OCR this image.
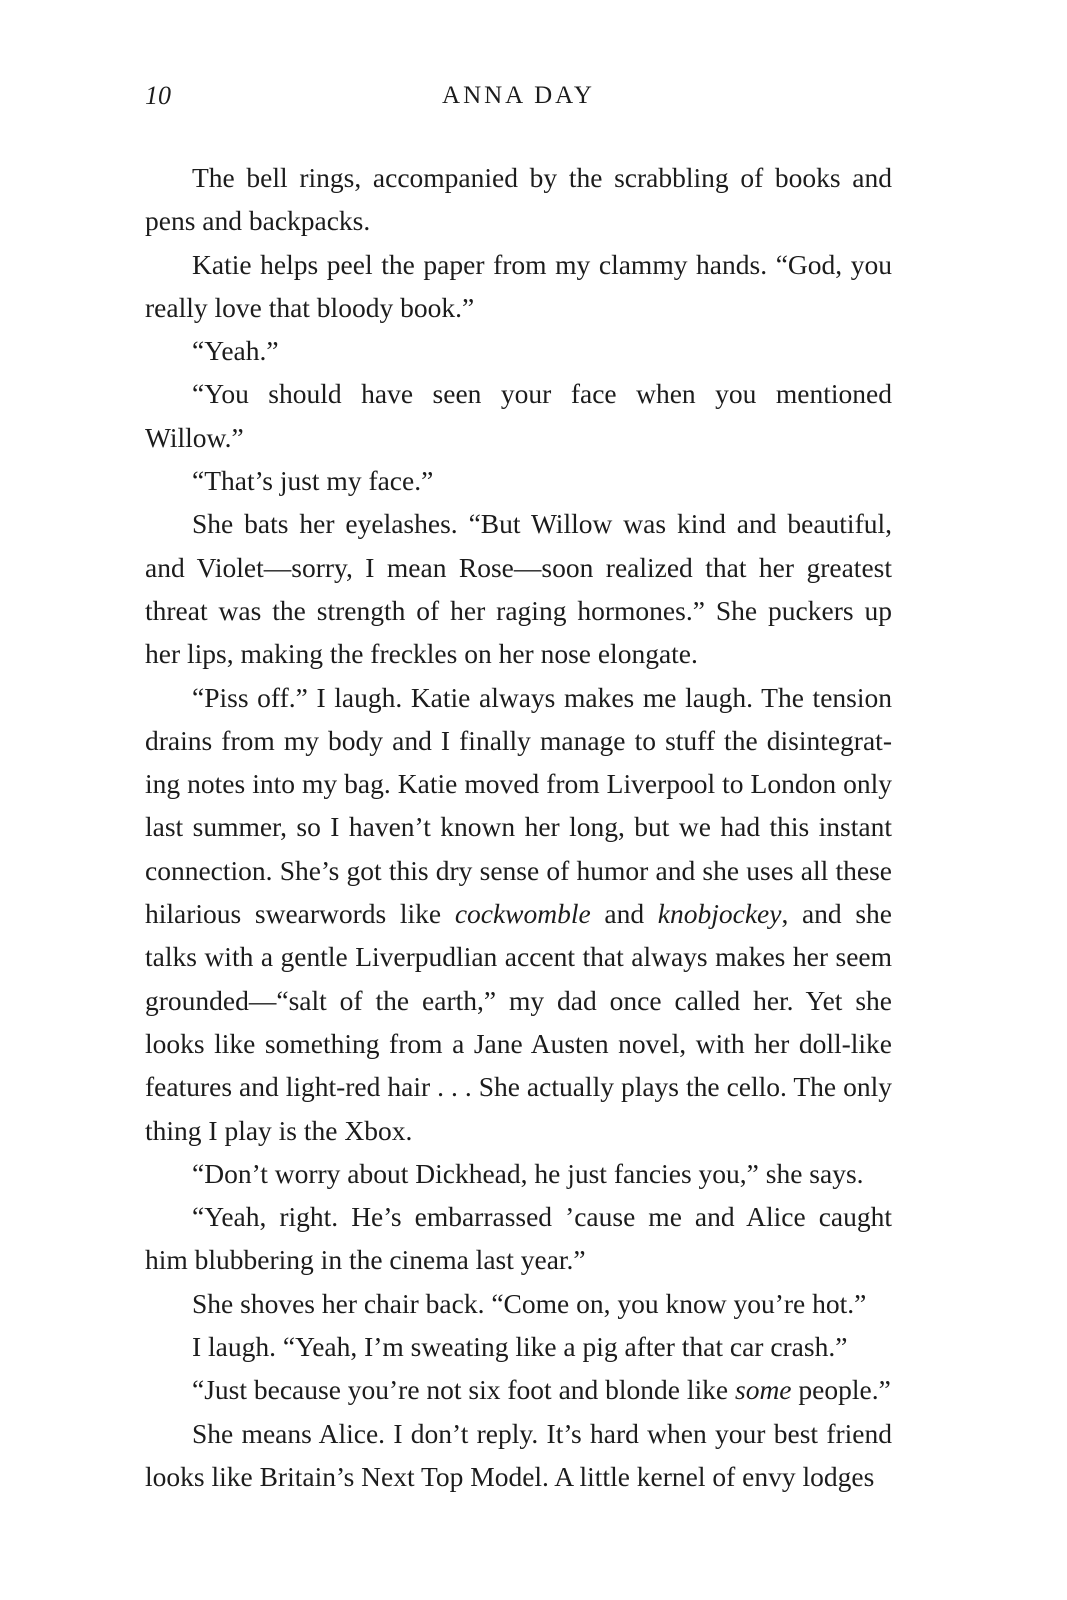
10	ANNA DAY

The bell rings, accompanied by the scrabbling of books and pens and backpacks.

Katie helps peel the paper from my clammy hands. “God, you really love that bloody book.”

“Yeah.”

“You should have seen your face when you mentioned Willow.”

“That’s just my face.”

She bats her eyelashes. “But Willow was kind and beautiful, and Violet—sorry, I mean Rose—soon realized that her greatest threat was the strength of her raging hormones.” She puckers up her lips, making the freckles on her nose elongate.

“Piss off.” I laugh. Katie always makes me laugh. The tension drains from my body and I finally manage to stuff the disintegrating notes into my bag. Katie moved from Liverpool to London only last summer, so I haven’t known her long, but we had this instant connection. She’s got this dry sense of humor and she uses all these hilarious swearwords like cockwomble and knobjockey, and she talks with a gentle Liverpudlian accent that always makes her seem grounded—“salt of the earth,” my dad once called her. Yet she looks like something from a Jane Austen novel, with her doll-like features and light-red hair . . . She actually plays the cello. The only thing I play is the Xbox.

“Don’t worry about Dickhead, he just fancies you,” she says.

“Yeah, right. He’s embarrassed ’cause me and Alice caught him blubbering in the cinema last year.”

She shoves her chair back. “Come on, you know you’re hot.”

I laugh. “Yeah, I’m sweating like a pig after that car crash.”

“Just because you’re not six foot and blonde like some people.”

She means Alice. I don’t reply. It’s hard when your best friend looks like Britain’s Next Top Model. A little kernel of envy lodges
